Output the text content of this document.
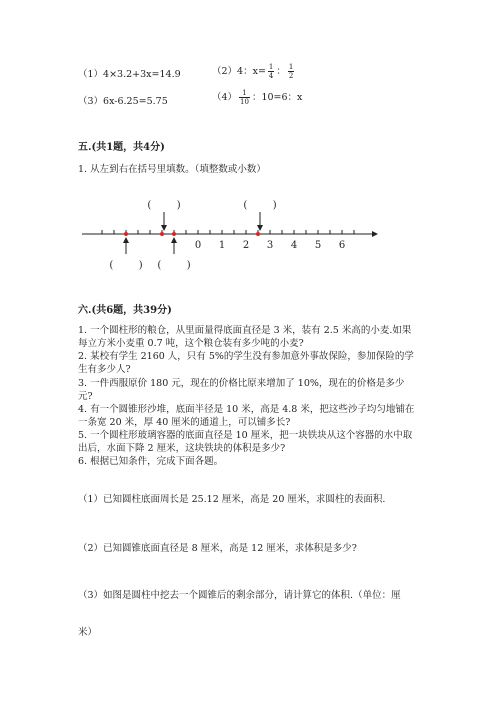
（1）4×3.2+3x=14.9	（2）4：$x= \frac{1}{4}$ ： $\frac{1}{2}$
（3）6x-6.25=5.75	$(4) \frac{1}{10}$ ：10=6：x
五.(共1题，共4分)
1. 从左到右在括号里填数。（填整数或小数）
0 1 2 3 4 5 6
(        )	(        )
(        ) (        )
六.(共6题，共39分)
1. 一个圆柱形的粮仓，从里面量得底面直径是 3 米，装有 2.5 米高的小麦.如果
每立方米小麦重 0.7 吨，这个粮仓装有多少吨的小麦?
2. 某校有学生 2160 人，只有 5%的学生没有参加意外事故保险，参加保险的学
生有多少人?
3. 一件西服原价 180 元，现在的价格比原来增加了 10%，现在的价格是多少
元?
4. 有一个圆锥形沙堆，底面半径是 10 米，高是 4.8 米，把这些沙子均匀地铺在
一条宽 20 米，厚 40 厘米的通道上，可以铺多长?
5. 一个圆柱形玻璃容器的底面直径是 10 厘米，把一块铁块从这个容器的水中取
出后，水面下降 2 厘米，这块铁块的体积是多少?
6. 根据已知条件，完成下面各题。
（1）已知圆柱底面周长是 25.12 厘米，高是 20 厘米，求圆柱的表面积.
（2）已知圆锥底面直径是 8 厘米，高是 12 厘米，求体积是多少?
（3）如图是圆柱中挖去一个圆锥后的剩余部分，请计算它的体积.（单位：厘
米）
